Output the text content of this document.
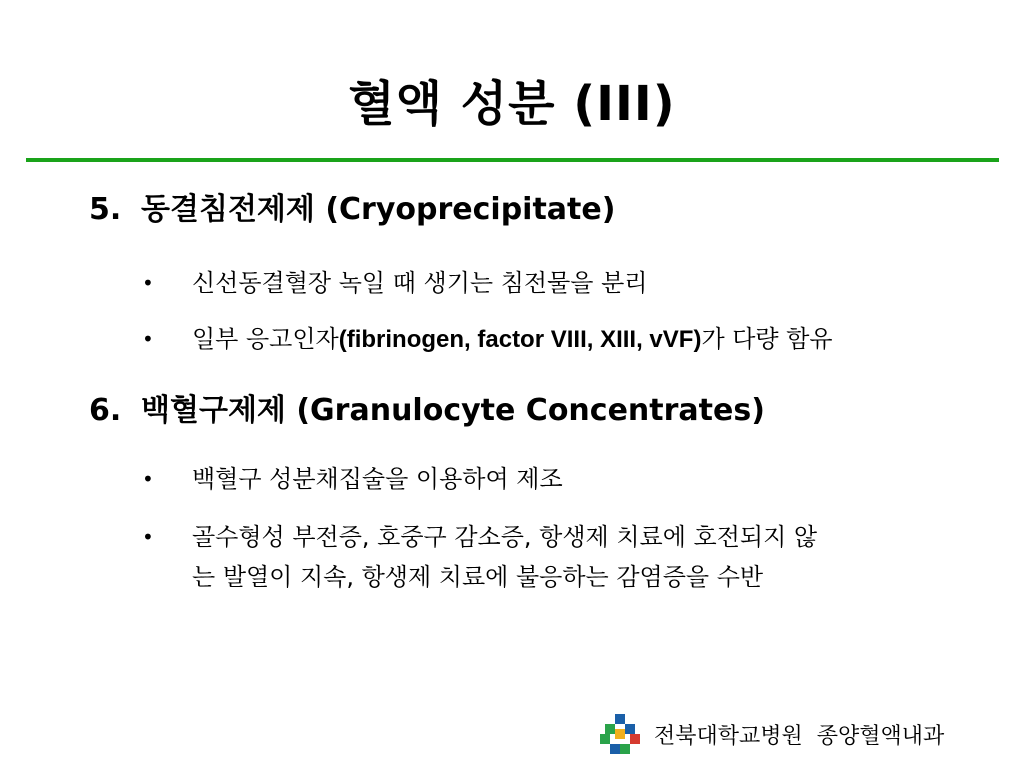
혈액 성분 (III)
5. 동결침전제제 (Cryoprecipitate)
•	신선동결혈장 녹일 때 생기는 침전물을 분리
•	일부 응고인자(fibrinogen, factor VIII, XIII, vVF)가 다량 함유
6. 백혈구제제 (Granulocyte Concentrates)
•	백혈구 성분채집술을 이용하여 제조
•	골수형성 부전증, 호중구 감소증, 항생제 치료에 호전되지 않
는 발열이 지속, 항생제 치료에 불응하는 감염증을 수반
전북대학교병원 종양혈액내과
